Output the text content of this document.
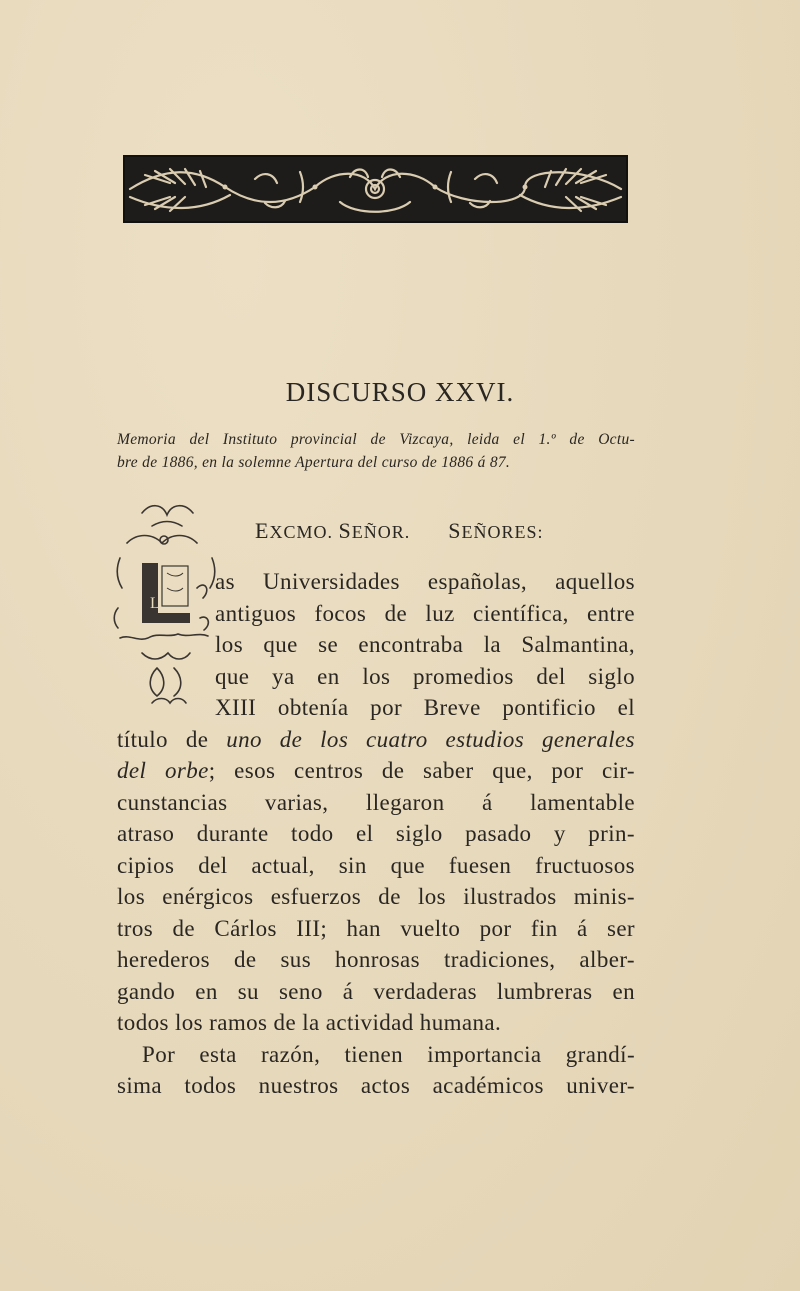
DISCURSO XXVI.
Memoria del Instituto provincial de Vizcaya, leida el 1.º de Octu-
bre de 1886, en la solemne Apertura del curso de 1886 á 87.
EXCMO. SEÑOR. SEÑORES:
L
as Universidades españolas, aquellos
antiguos focos de luz científica, entre
los que se encontraba la Salmantina,
que ya en los promedios del siglo
XIII obtenía por Breve pontificio el
título de uno de los cuatro estudios generales
del orbe; esos centros de saber que, por cir-
cunstancias varias, llegaron á lamentable
atraso durante todo el siglo pasado y prin-
cipios del actual, sin que fuesen fructuosos
los enérgicos esfuerzos de los ilustrados minis-
tros de Cárlos III; han vuelto por fin á ser
herederos de sus honrosas tradiciones, alber-
gando en su seno á verdaderas lumbreras en
todos los ramos de la actividad humana.
Por esta razón, tienen importancia grandí-
sima todos nuestros actos académicos univer-
